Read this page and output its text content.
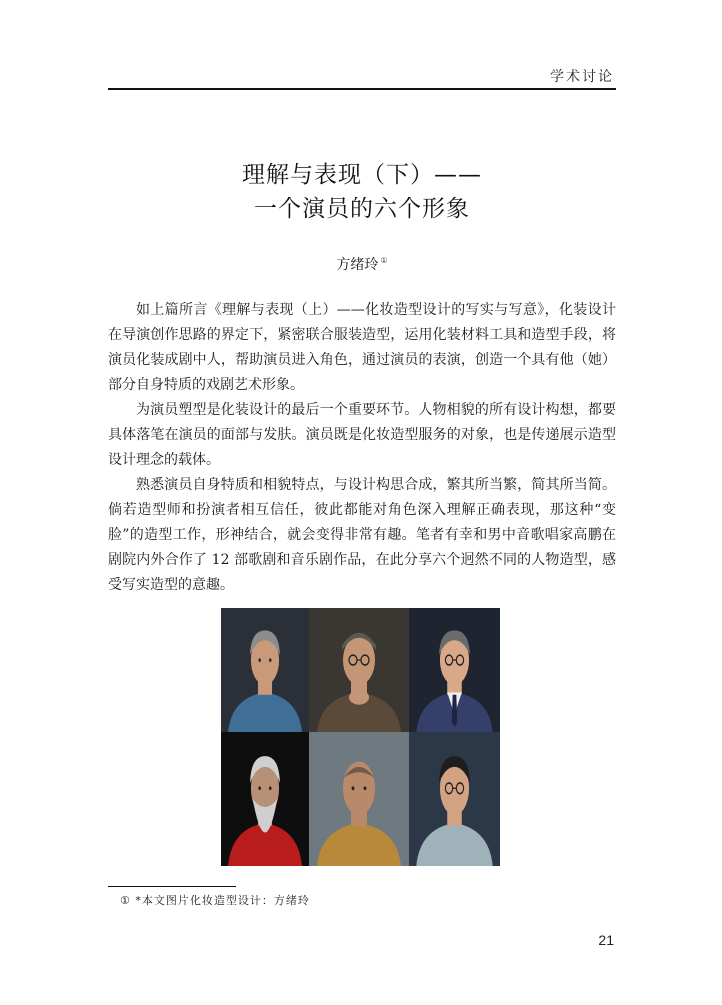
学术讨论
理解与表现（下）——
一个演员的六个形象
方绪玲 ①

如上篇所言《理解与表现（上）——化妆造型设计的写实与写意》，化装设计在导演创作思路的界定下，紧密联合服装造型，运用化装材料工具和造型手段，将演员化装成剧中人，帮助演员进入角色，通过演员的表演，创造一个具有他（她）部分自身特质的戏剧艺术形象。

为演员塑型是化装设计的最后一个重要环节。人物相貌的所有设计构想，都要具体落笔在演员的面部与发肤。演员既是化妆造型服务的对象，也是传递展示造型设计理念的载体。

熟悉演员自身特质和相貌特点，与设计构思合成，繁其所当繁，简其所当简。倘若造型师和扮演者相互信任，彼此都能对角色深入理解正确表现，那这种“变脸”的造型工作，形神结合，就会变得非常有趣。笔者有幸和男中音歌唱家高鹏在剧院内外合作了 12 部歌剧和音乐剧作品，在此分享六个迥然不同的人物造型，感受写实造型的意趣。

① *本文图片化妆造型设计：方绪玲
21
